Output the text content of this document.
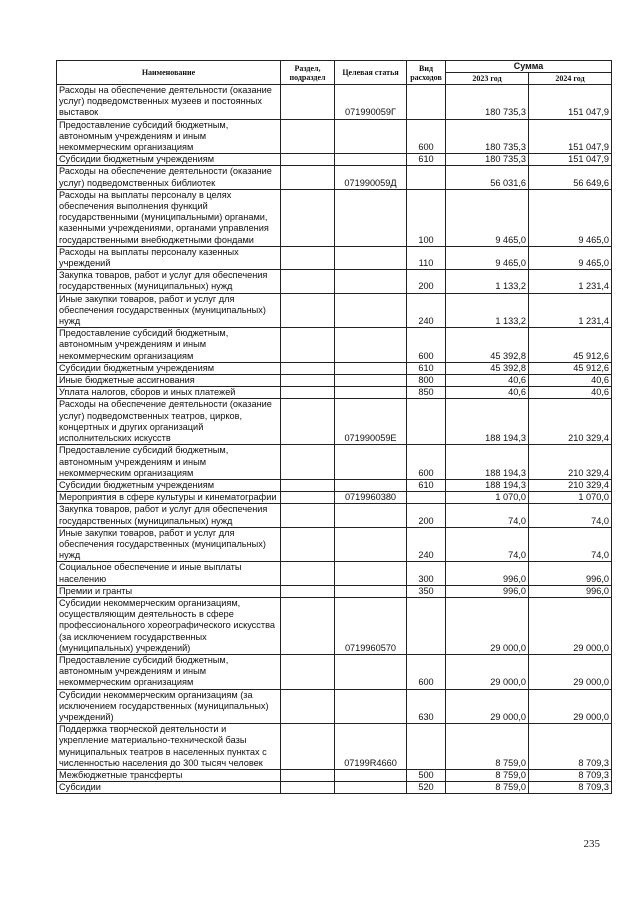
Наименование	Раздел, подраздел	Целевая статья	Вид расходов	Сумма	
				2023 год	2024 год
Расходы на обеспечение деятельности (оказание услуг) подведомственных музеев и постоянных выставок		071990059Г		180 735,3	151 047,9
Предоставление субсидий бюджетным, автономным учреждениям и иным некоммерческим организациям			600	180 735,3	151 047,9
Субсидии бюджетным учреждениям			610	180 735,3	151 047,9
Расходы на обеспечение деятельности (оказание услуг) подведомственных библиотек		071990059Д		56 031,6	56 649,6
Расходы на выплаты персоналу в целях обеспечения выполнения функций государственными (муниципальными) органами, казенными учреждениями, органами управления государственными внебюджетными фондами			100	9 465,0	9 465,0
Расходы на выплаты персоналу казенных учреждений			110	9 465,0	9 465,0
Закупка товаров, работ и услуг для обеспечения государственных (муниципальных) нужд			200	1 133,2	1 231,4
Иные закупки товаров, работ и услуг для обеспечения государственных (муниципальных) нужд			240	1 133,2	1 231,4
Предоставление субсидий бюджетным, автономным учреждениям и иным некоммерческим организациям			600	45 392,8	45 912,6
Субсидии бюджетным учреждениям			610	45 392,8	45 912,6
Иные бюджетные ассигнования			800	40,6	40,6
Уплата налогов, сборов и иных платежей			850	40,6	40,6
Расходы на обеспечение деятельности (оказание услуг) подведомственных театров, цирков, концертных и других организаций исполнительских искусств		071990059Е		188 194,3	210 329,4
Предоставление субсидий бюджетным, автономным учреждениям и иным некоммерческим организациям			600	188 194,3	210 329,4
Субсидии бюджетным учреждениям			610	188 194,3	210 329,4
Мероприятия в сфере культуры и кинематографии		0719960380		1 070,0	1 070,0
Закупка товаров, работ и услуг для обеспечения государственных (муниципальных) нужд			200	74,0	74,0
Иные закупки товаров, работ и услуг для обеспечения государственных (муниципальных) нужд			240	74,0	74,0
Социальное обеспечение и иные выплаты населению			300	996,0	996,0
Премии и гранты			350	996,0	996,0
Субсидии некоммерческим организациям, осуществляющим деятельность в сфере профессионального хореографического искусства (за исключением государственных (муниципальных) учреждений)		0719960570		29 000,0	29 000,0
Предоставление субсидий бюджетным, автономным учреждениям и иным некоммерческим организациям			600	29 000,0	29 000,0
Субсидии некоммерческим организациям (за исключением государственных (муниципальных) учреждений)			630	29 000,0	29 000,0
Поддержка творческой деятельности и укрепление материально-технической базы муниципальных театров в населенных пунктах с численностью населения до 300 тысяч человек		07199R4660		8 759,0	8 709,3
Межбюджетные трансферты			500	8 759,0	8 709,3
Субсидии			520	8 759,0	8 709,3
235
